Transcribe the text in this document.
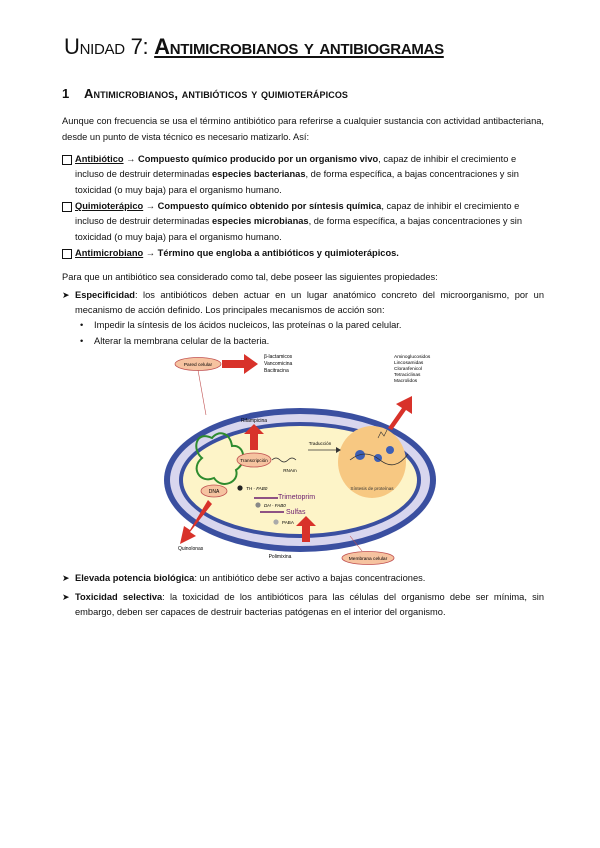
Unidad 7: Antimicrobianos y antibiogramas
1 Antimicrobianos, antibióticos y quimioterápicos
Aunque con frecuencia se usa el término antibiótico para referirse a cualquier sustancia con actividad antibacteriana, desde un punto de vista técnico es necesario matizarlo. Así:
Antibiótico → Compuesto químico producido por un organismo vivo, capaz de inhibir el crecimiento e incluso de destruir determinadas especies bacterianas, de forma específica, a bajas concentraciones y sin toxicidad (o muy baja) para el organismo humano.
Quimioterápico → Compuesto químico obtenido por síntesis química, capaz de inhibir el crecimiento e incluso de destruir determinadas especies microbianas, de forma específica, a bajas concentraciones y sin toxicidad (o muy baja) para el organismo humano.
Antimicrobiano → Término que engloba a antibióticos y quimioterápicos.
Para que un antibiótico sea considerado como tal, debe poseer las siguientes propiedades:
➤ Especificidad: los antibióticos deben actuar en un lugar anatómico concreto del microorganismo, por un mecanismo de acción definido. Los principales mecanismos de acción son:
• Impedir la síntesis de los ácidos nucleicos, las proteínas o la pared celular.
• Alterar la membrana celular de la bacteria.
Síntesis de proteínas
DNA
Transcripción
RNAm
Traducción
TH - FAB0
Trimetoprim
DH - FAB0
Sulfas
PABA
Pared celular
β-lactamicos
Vancomicina
Bacitracina
Rifampicina
Aminoglucosidos
Lincosamidas
Cloranfenicol
Tetraciclinas
Macrolidos
Quinolonas
Polimixina	Membrana celular
➤ Elevada potencia biológica: un antibiótico debe ser activo a bajas concentraciones.
➤ Toxicidad selectiva: la toxicidad de los antibióticos para las células del organismo debe ser mínima, sin embargo, deben ser capaces de destruir bacterias patógenas en el interior del organismo.
